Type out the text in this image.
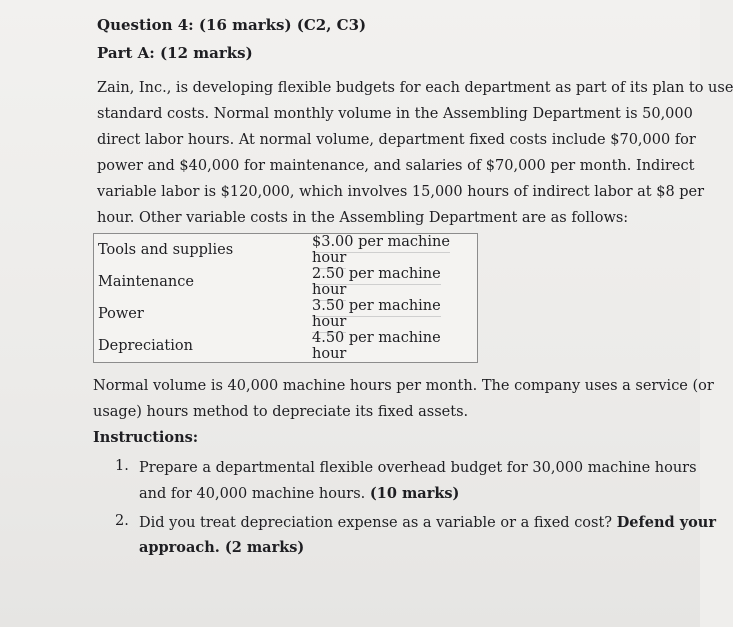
Question 4: (16 marks) (C2, C3)
Part A: (12 marks)
Zain, Inc., is developing flexible budgets for each department as part of its plan to use
standard costs. Normal monthly volume in the Assembling Department is 50,000
direct labor hours. At normal volume, department fixed costs include $70,000 for
power and $40,000 for maintenance, and salaries of $70,000 per month. Indirect
variable labor is $120,000, which involves 15,000 hours of indirect labor at $8 per
hour. Other variable costs in the Assembling Department are as follows:
Tools and supplies	$3.00 per machine hour
Maintenance	2.50 per machine hour
Power	3.50 per machine hour
Depreciation	4.50 per machine hour
Normal volume is 40,000 machine hours per month. The company uses a service (or
usage) hours method to depreciate its fixed assets.
Instructions:
1. Prepare a departmental flexible overhead budget for 30,000 machine hours
and for 40,000 machine hours. (10 marks)
2. Did you treat depreciation expense as a variable or a fixed cost? Defend your
approach. (2 marks)
